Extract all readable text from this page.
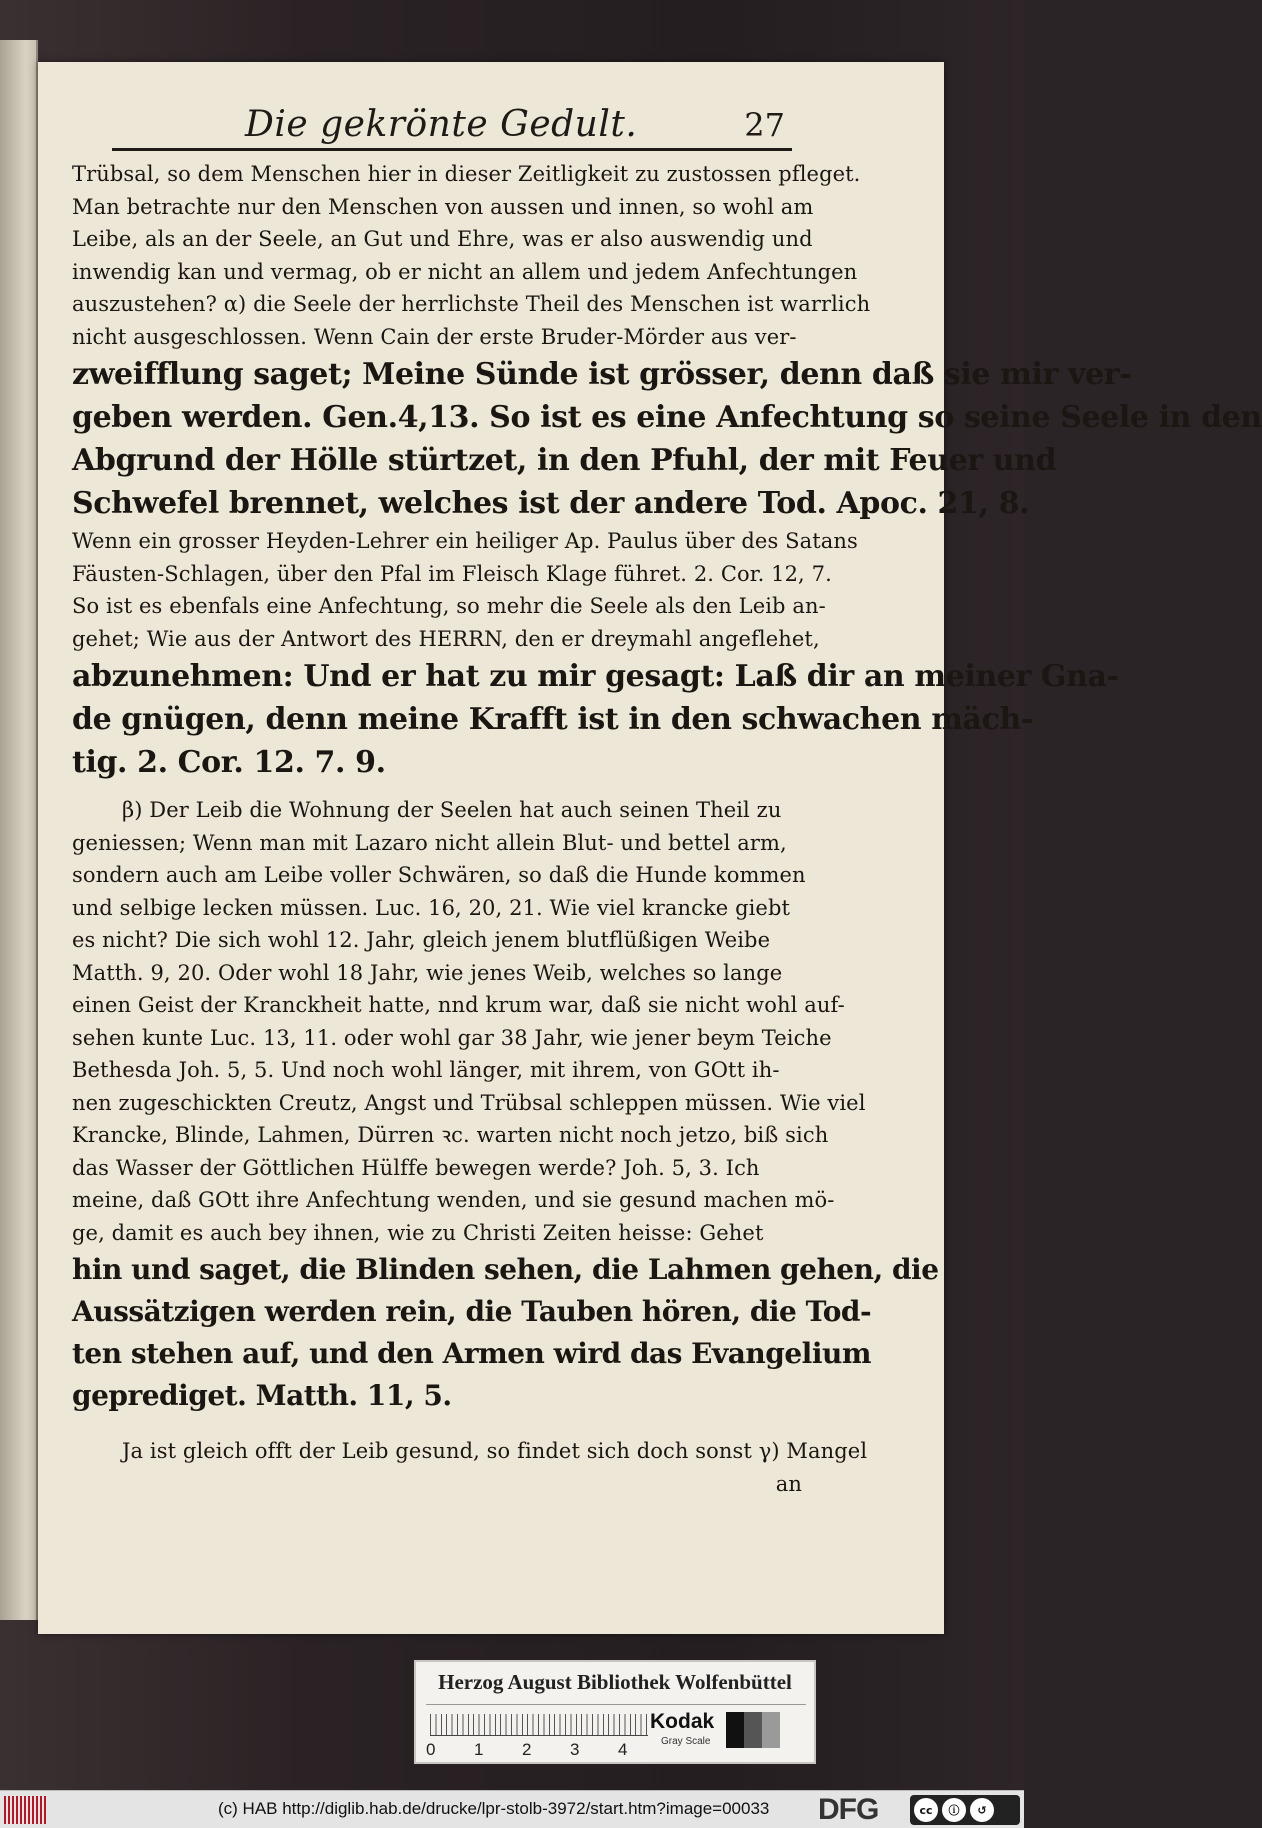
Die gekrönte Gedult.	27
Trübsal, so dem Menschen hier in dieser Zeitligkeit zu zustossen pfleget.
Man betrachte nur den Menschen von aussen und innen, so wohl am
Leibe, als an der Seele, an Gut und Ehre, was er also auswendig und
inwendig kan und vermag, ob er nicht an allem und jedem Anfechtungen
auszustehen? α) die Seele der herrlichste Theil des Menschen ist warrlich
nicht ausgeschlossen. Wenn Cain der erste Bruder-Mörder aus ver-
zweifflung saget; Meine Sünde ist grösser, denn daß sie mir ver-
geben werden. Gen.4,13. So ist es eine Anfechtung so seine Seele in den
Abgrund der Hölle stürtzet, in den Pfuhl, der mit Feuer und
Schwefel brennet, welches ist der andere Tod. Apoc. 21, 8.
Wenn ein grosser Heyden-Lehrer ein heiliger Ap. Paulus über des Satans
Fäusten-Schlagen, über den Pfal im Fleisch Klage führet. 2. Cor. 12, 7.
So ist es ebenfals eine Anfechtung, so mehr die Seele als den Leib an-
gehet; Wie aus der Antwort des HERRN, den er dreymahl angeflehet,
abzunehmen: Und er hat zu mir gesagt: Laß dir an meiner Gna-
de gnügen, denn meine Krafft ist in den schwachen mäch-
tig. 2. Cor. 12. 7. 9.
β) Der Leib die Wohnung der Seelen hat auch seinen Theil zu
geniessen; Wenn man mit Lazaro nicht allein Blut- und bettel arm,
sondern auch am Leibe voller Schwären, so daß die Hunde kommen
und selbige lecken müssen. Luc. 16, 20, 21. Wie viel krancke giebt
es nicht? Die sich wohl 12. Jahr, gleich jenem blutflüßigen Weibe
Matth. 9, 20. Oder wohl 18 Jahr, wie jenes Weib, welches so lange
einen Geist der Kranckheit hatte, nnd krum war, daß sie nicht wohl auf-
sehen kunte Luc. 13, 11. oder wohl gar 38 Jahr, wie jener beym Teiche
Bethesda Joh. 5, 5. Und noch wohl länger, mit ihrem, von GOtt ih-
nen zugeschickten Creutz, Angst und Trübsal schleppen müssen. Wie viel
Krancke, Blinde, Lahmen, Dürren ꝛc. warten nicht noch jetzo, biß sich
das Wasser der Göttlichen Hülffe bewegen werde? Joh. 5, 3. Ich
meine, daß GOtt ihre Anfechtung wenden, und sie gesund machen mö-
ge, damit es auch bey ihnen, wie zu Christi Zeiten heisse: Gehet
hin und saget, die Blinden sehen, die Lahmen gehen, die
Aussätzigen werden rein, die Tauben hören, die Tod-
ten stehen auf, und den Armen wird das Evangelium
geprediget. Matth. 11, 5.
Ja ist gleich offt der Leib gesund, so findet sich doch sonst γ) Mangel
an
Herzog August Bibliothek Wolfenbüttel
0 1 2 3 4
Kodak
Gray Scale
(c) HAB http://diglib.hab.de/drucke/lpr-stolb-3972/start.htm?image=00033 DFG	cc	ⓘ	↺
